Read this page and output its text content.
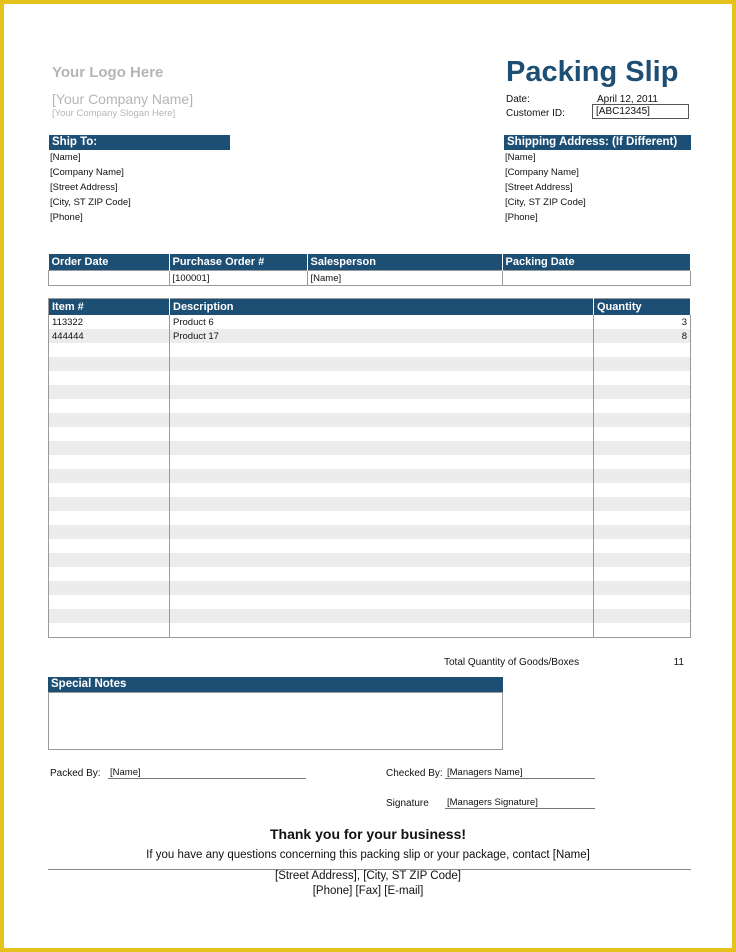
Your Logo Here
[Your Company Name]
[Your Company Slogan Here]
Packing Slip
Date:	April 12, 2011
Customer ID:	[ABC12345]
Ship To:
[Name]
[Company Name]
[Street Address]
[City, ST ZIP Code]
[Phone]
Shipping Address: (If Different)
[Name]
[Company Name]
[Street Address]
[City, ST ZIP Code]
[Phone]
Order Date	Purchase Order #	Salesperson	Packing Date
	[100001]	[Name]	
Item #	Description	Quantity
113322	Product 6	3
444444	Product 17	8

Total Quantity of Goods/Boxes	11
Special Notes
Packed By: [Name]	Checked By: [Managers Name]
Signature [Managers Signature]
Thank you for your business!
If you have any questions concerning this packing slip or your package, contact [Name]
[Street Address], [City, ST ZIP Code]
[Phone] [Fax] [E-mail]
